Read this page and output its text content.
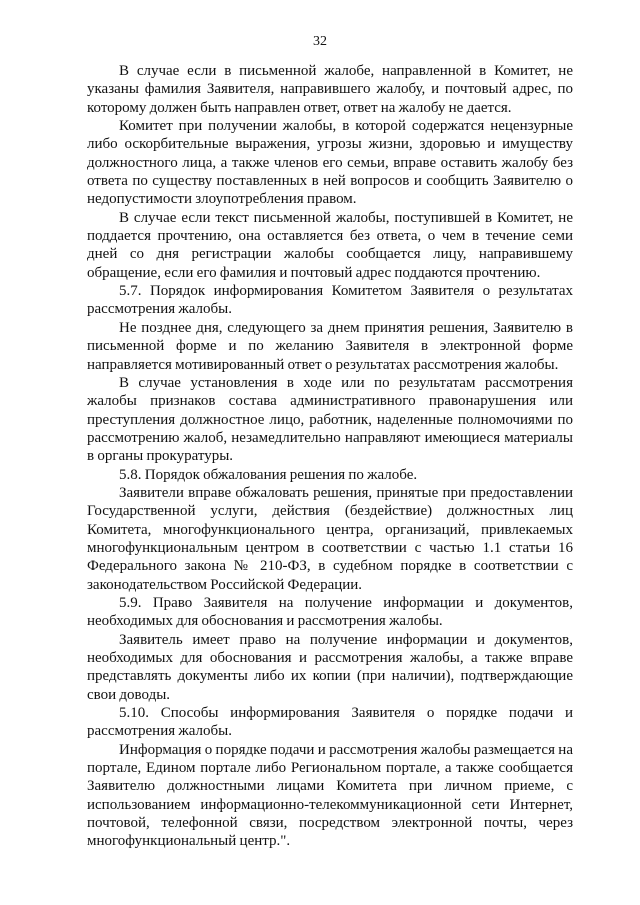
32

В случае если в письменной жалобе, направленной в Комитет, не указаны фамилия Заявителя, направившего жалобу, и почтовый адрес, по которому должен быть направлен ответ, ответ на жалобу не дается.

Комитет при получении жалобы, в которой содержатся нецензурные либо оскорбительные выражения, угрозы жизни, здоровью и имуществу должностного лица, а также членов его семьи, вправе оставить жалобу без ответа по существу поставленных в ней вопросов и сообщить Заявителю о недопустимости злоупотребления правом.

В случае если текст письменной жалобы, поступившей в Комитет, не поддается прочтению, она оставляется без ответа, о чем в течение семи дней со дня регистрации жалобы сообщается лицу, направившему обращение, если его фамилия и почтовый адрес поддаются прочтению.

5.7. Порядок информирования Комитетом Заявителя о результатах рассмотрения жалобы.

Не позднее дня, следующего за днем принятия решения, Заявителю в письменной форме и по желанию Заявителя в электронной форме направляется мотивированный ответ о результатах рассмотрения жалобы.

В случае установления в ходе или по результатам рассмотрения жалобы признаков состава административного правонарушения или преступления должностное лицо, работник, наделенные полномочиями по рассмотрению жалоб, незамедлительно направляют имеющиеся материалы в органы прокуратуры.

5.8. Порядок обжалования решения по жалобе.

Заявители вправе обжаловать решения, принятые при предоставлении Государственной услуги, действия (бездействие) должностных лиц Комитета, многофункционального центра, организаций, привлекаемых многофункциональным центром в соответствии с частью 1.1 статьи 16 Федерального закона № 210-ФЗ, в судебном порядке в соответствии с законодательством Российской Федерации.

5.9. Право Заявителя на получение информации и документов, необходимых для обоснования и рассмотрения жалобы.

Заявитель имеет право на получение информации и документов, необходимых для обоснования и рассмотрения жалобы, а также вправе представлять документы либо их копии (при наличии), подтверждающие свои доводы.

5.10. Способы информирования Заявителя о порядке подачи и рассмотрения жалобы.

Информация о порядке подачи и рассмотрения жалобы размещается на портале, Едином портале либо Региональном портале, а также сообщается Заявителю должностными лицами Комитета при личном приеме, с использованием информационно-телекоммуникационной сети Интернет, почтовой, телефонной связи, посредством электронной почты, через многофункциональный центр.".
